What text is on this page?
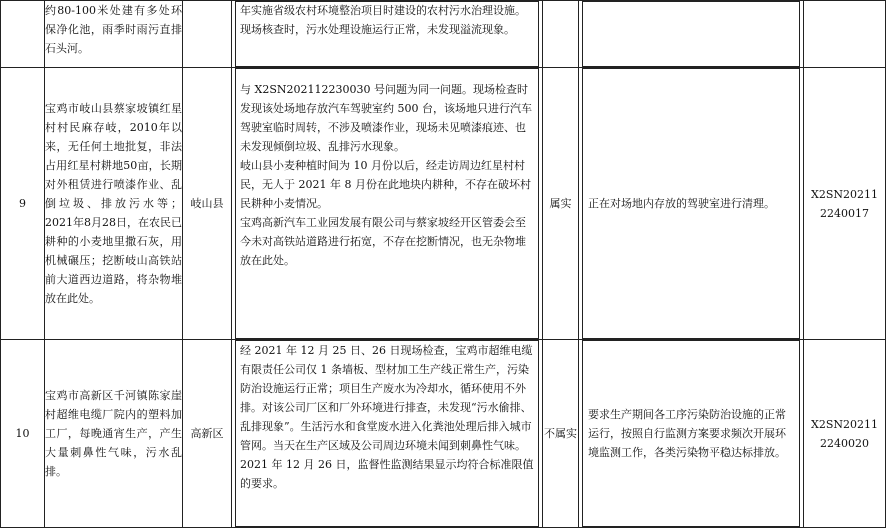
	约80-100米处建有多处环保净化池，雨季时雨污直排石头河。		年实施省级农村环境整治项目时建设的农村污水治理设施。现场核查时，污水处理设施运行正常，未发现溢流现象。			

9	宝鸡市岐山县蔡家坡镇红星村村民麻存岐，2010年以来，无任何土地批复，非法占用红星村耕地50亩，长期对外租赁进行喷漆作业、乱倒垃圾、排放污水等；2021年8月28日，在农民已耕种的小麦地里撒石灰，用机械碾压；挖断岐山高铁站前大道西边道路，将杂物堆放在此处。	岐山县	与 X2SN202112230030 号问题为同一问题。现场检查时发现该处场地存放汽车驾驶室约 500 台，该场地只进行汽车驾驶室临时周转，不涉及喷漆作业，现场未见喷漆痕迹、也未发现倾倒垃圾、乱排污水现象。

岐山县小麦种植时间为 10 月份以后，经走访周边红星村村民，无人于 2021 年 8 月份在此地块内耕种，不存在破坏村民耕种小麦情况。

宝鸡高新汽车工业园发展有限公司与蔡家坡经开区管委会至今未对高铁站道路进行拓宽，不存在挖断情况，也无杂物堆放在此处。	属实	正在对场地内存放的驾驶室进行清理。	X2SN202112240017
10	宝鸡市高新区千河镇陈家崖村超维电缆厂院内的塑料加工厂，每晚通宵生产，产生大量刺鼻性气味，污水乱排。	高新区	经 2021 年 12 月 25 日、26 日现场检查，宝鸡市超维电缆有限责任公司仅 1 条墙板、型材加工生产线正常生产，污染防治设施运行正常；项目生产废水为冷却水，循环使用不外排。对该公司厂区和厂外环境进行排查，未发现“污水偷排、乱排现象”。生活污水和食堂废水进入化粪池处理后排入城市管网。当天在生产区域及公司周边环境未闻到刺鼻性气味。2021 年 12 月 26 日，监督性监测结果显示均符合标准限值的要求。	不属实	要求生产期间各工序污染防治设施的正常运行，按照自行监测方案要求频次开展环境监测工作，各类污染物平稳达标排放。	X2SN202112240020
